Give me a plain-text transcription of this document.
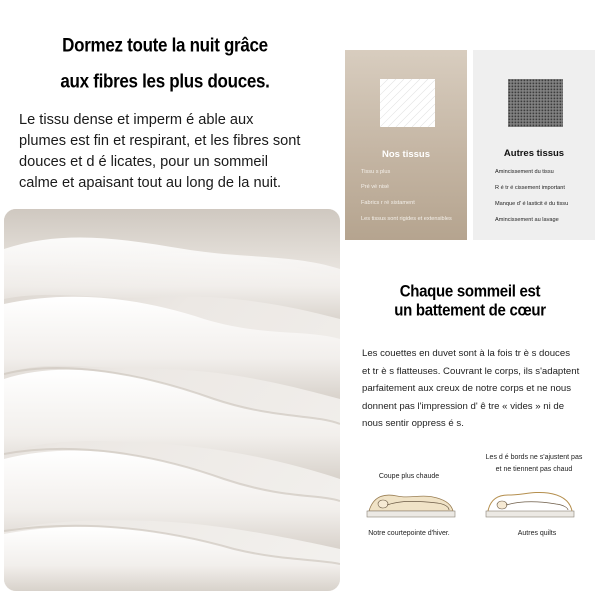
Dormez toute la nuit grâce
aux fibres les plus douces.
Le tissu dense et imperm é able aux
plumes est fin et respirant, et les fibres sont
douces et d é licates, pour un sommeil
calme et apaisant tout au long de la nuit.
Nos tissus
Tissu s plus
Pré vé nisé
Fabrics r ré sistament
Les tissus sont rigides et extensibles
Autres tissus
Amincissement du tissu
R é tr é cissement important
Manque d' é lasticit é du tissu
Amincissement au lavage
Chaque sommeil est
un battement de cœur
Les couettes en duvet sont à la fois tr è s douces
et tr è s flatteuses. Couvrant le corps, ils s'adaptent
parfaitement aux creux de notre corps et ne nous
donnent pas l'impression d' ê tre « vides » ni de
nous sentir oppress é s.
Coupe plus chaude
Notre courtepointe d'hiver.
Les d é bords ne s'ajustent pas
et ne tiennent pas chaud
Autres quilts
